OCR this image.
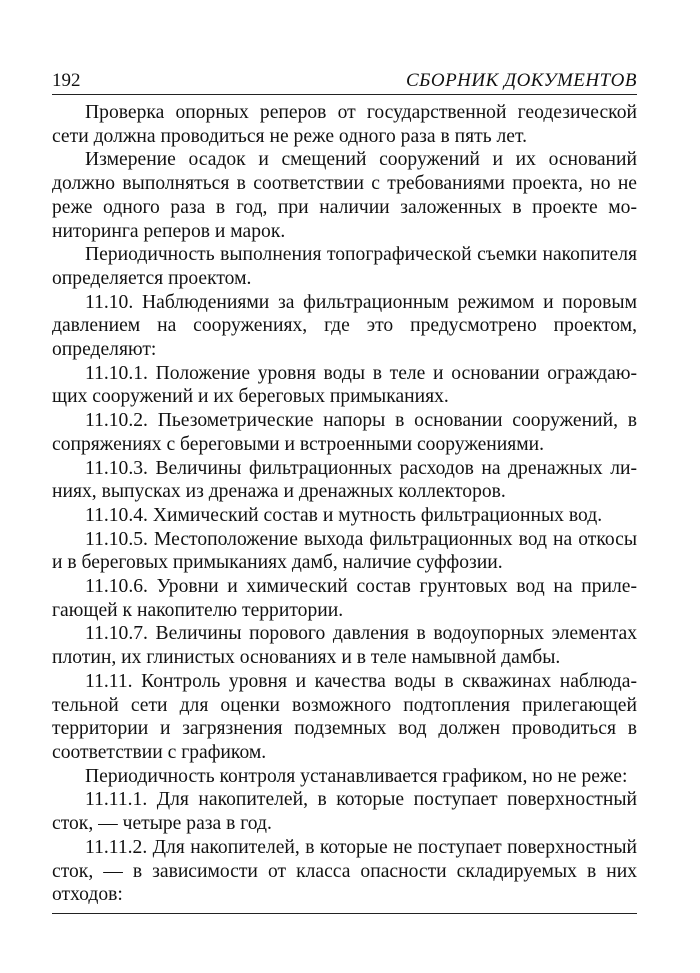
192	СБОРНИК ДОКУМЕНТОВ

Проверка опорных реперов от государственной геодезической сети должна проводиться не реже одного раза в пять лет.

Измерение осадок и смещений сооружений и их оснований должно выполняться в соответствии с требованиями проекта, но не реже одного раза в год, при наличии заложенных в проекте мониторинга реперов и марок.

Периодичность выполнения топографической съемки накопителя определяется проектом.

11.10. Наблюдениями за фильтрационным режимом и поровым давлением на сооружениях, где это предусмотрено проектом, определяют:

11.10.1. Положение уровня воды в теле и основании ограждающих сооружений и их береговых примыканиях.

11.10.2. Пьезометрические напоры в основании сооружений, в сопряжениях с береговыми и встроенными сооружениями.

11.10.3. Величины фильтрационных расходов на дренажных линиях, выпусках из дренажа и дренажных коллекторов.

11.10.4. Химический состав и мутность фильтрационных вод.

11.10.5. Местоположение выхода фильтрационных вод на откосы и в береговых примыканиях дамб, наличие суффозии.

11.10.6. Уровни и химический состав грунтовых вод на прилегающей к накопителю территории.

11.10.7. Величины порового давления в водоупорных элементах плотин, их глинистых основаниях и в теле намывной дамбы.

11.11. Контроль уровня и качества воды в скважинах наблюдательной сети для оценки возможного подтопления прилегающей территории и загрязнения подземных вод должен проводиться в соответствии с графиком.

Периодичность контроля устанавливается графиком, но не реже:

11.11.1. Для накопителей, в которые поступает поверхностный сток, — четыре раза в год.

11.11.2. Для накопителей, в которые не поступает поверхностный сток, — в зависимости от класса опасности складируемых в них отходов:
